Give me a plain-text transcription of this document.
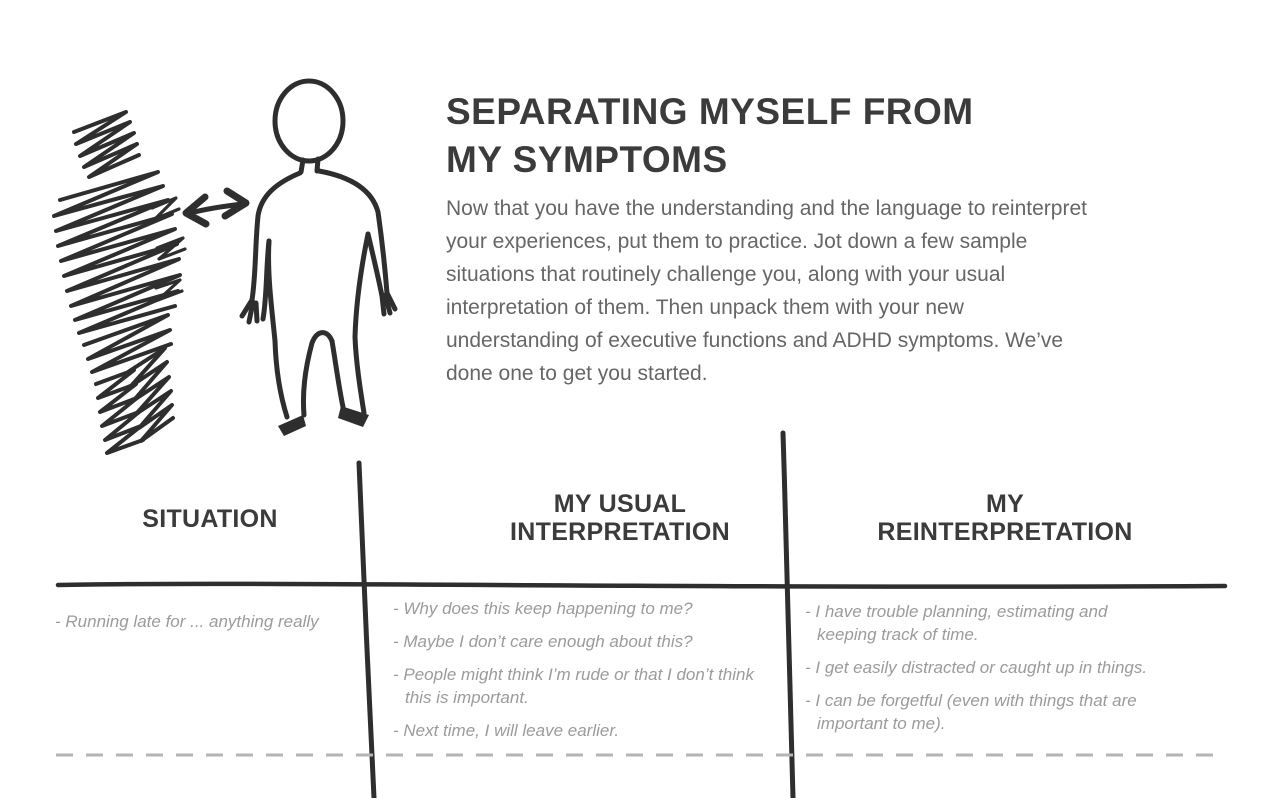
SEPARATING MYSELF FROM
MY SYMPTOMS
Now that you have the understanding and the language to reinterpret your experiences, put them to practice. Jot down a few sample situations that routinely challenge you, along with your usual interpretation of them. Then unpack them with your new understanding of executive functions and ADHD symptoms. We’ve done one to get you started.
SITUATION
MY USUAL INTERPRETATION
MY REINTERPRETATION

- Running late for ... anything really

- Why does this keep happening to me?

- Maybe I don’t care enough about this?

- People might think I’m rude or that I don’t think this is important.

- Next time, I will leave earlier.

- I have trouble planning, estimating and keeping track of time.

- I get easily distracted or caught up in things.

- I can be forgetful (even with things that are important to me).
